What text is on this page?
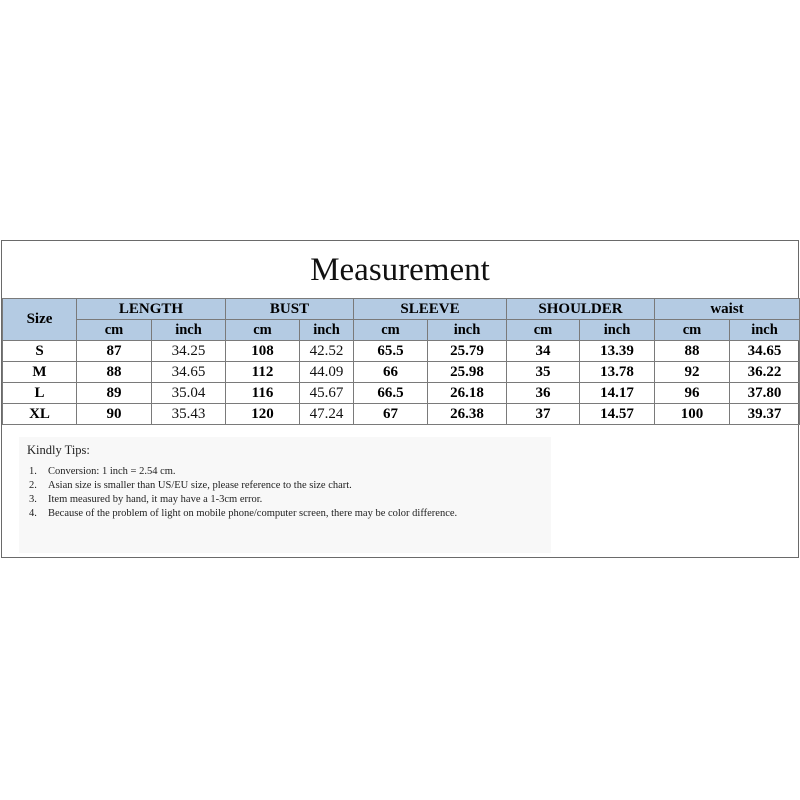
Measurement
Size	LENGTH		BUST		SLEEVE		SHOULDER		waist	
	cm	inch	cm	inch	cm	inch	cm	inch	cm	inch
S	87	34.25	108	42.52	65.5	25.79	34	13.39	88	34.65
M	88	34.65	112	44.09	66	25.98	35	13.78	92	36.22
L	89	35.04	116	45.67	66.5	26.18	36	14.17	96	37.80
XL	90	35.43	120	47.24	67	26.38	37	14.57	100	39.37
Kindly Tips:
1. Conversion: 1 inch = 2.54 cm.
2. Asian size is smaller than US/EU size, please reference to the size chart.
3. Item measured by hand, it may have a 1-3cm error.
4. Because of the problem of light on mobile phone/computer screen, there may be color difference.
